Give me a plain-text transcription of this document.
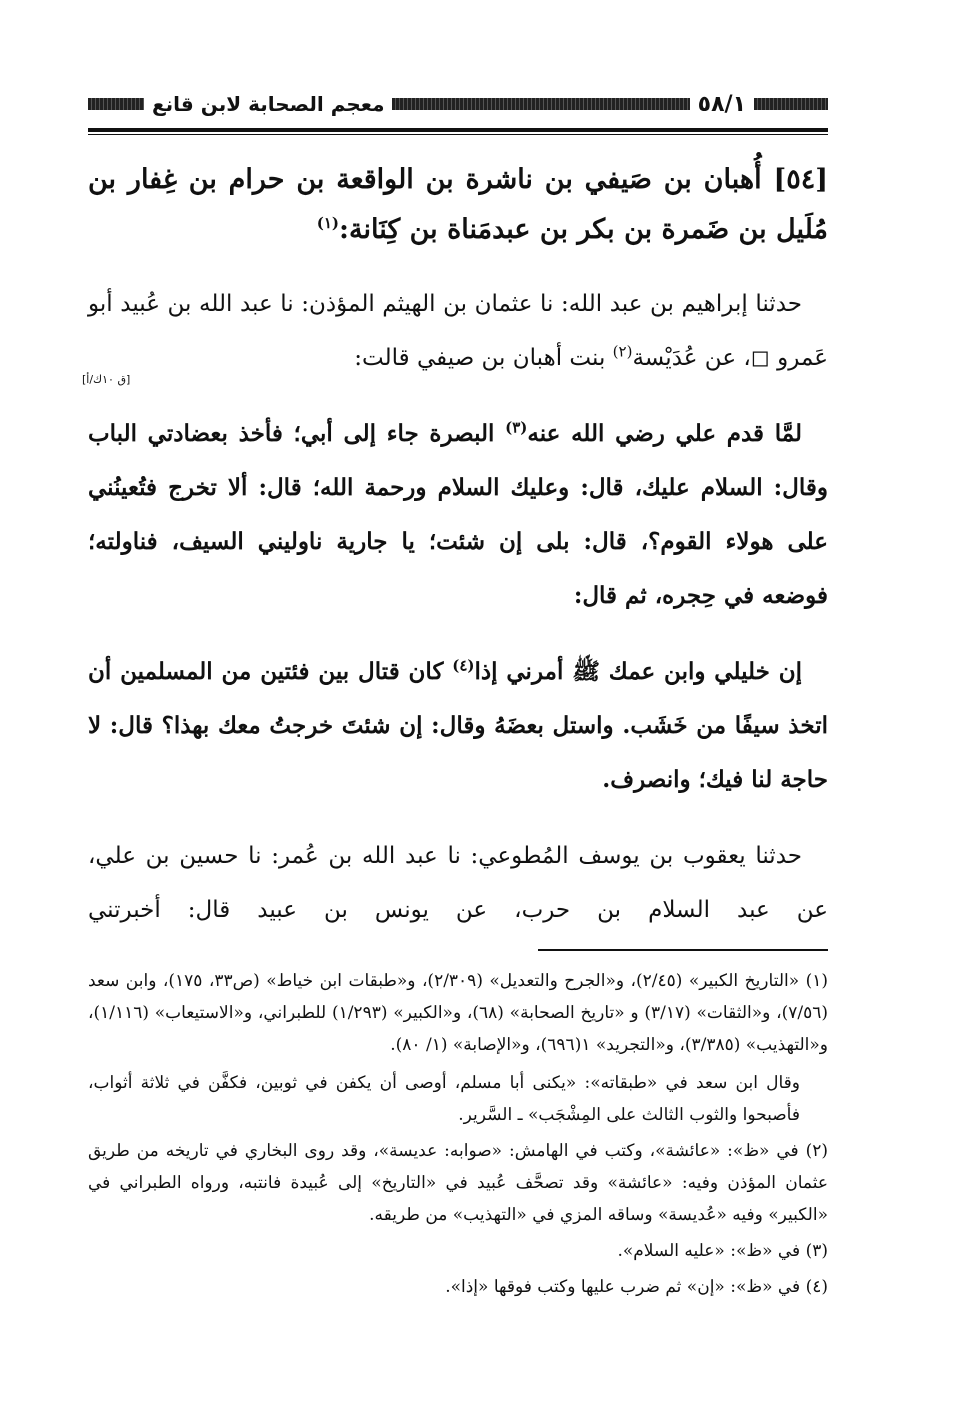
معجم الصحابة لابن قانع	٥٨/١
[٥٤] أُهبان بن صَيفي بن ناشرة بن الواقعة بن حرام بن غِفار بن مُلَيل بن ضَمرة بن بكر بن عبدمَناة بن كِنَانة:$^{(١)}$
[ق ١٠ك/أ]
حدثنا إبراهيم بن عبد الله: نا عثمان بن الهيثم المؤذن: نا عبد الله بن عُبيد أبو عَمرو ◻، عن عُدَيْسة$^{(٢)}$ بنت أهبان بن صيفي قالت:
لمَّا قدم علي رضي الله عنه$^{(٣)}$ البصرة جاء إلى أبي؛ فأخذ بعضادتي الباب وقال: السلام عليك، قال: وعليك السلام ورحمة الله؛ قال: ألا تخرج فتُعينُني على هولاء القوم؟، قال: بلى إن شئت؛ يا جارية ناوليني السيف، فناولته؛ فوضعه في حِجره، ثم قال:
إن خليلي وابن عمك ﷺ أمرني إذا$^{(٤)}$ كان قتال بين فئتين من المسلمين أن اتخذ سيفًا من خَشَب. واستل بعضَهُ وقال: إن شئتَ خرجتُ معك بهذا؟ قال: لا حاجة لنا فيك؛ وانصرف.
حدثنا يعقوب بن يوسف المُطوعي: نا عبد الله بن عُمر: نا حسين بن علي، عن عبد السلام بن حرب، عن يونس بن عبيد قال: أخبرتني

(١) «التاريخ الكبير» (٢/٤٥)، و«الجرح والتعديل» (٢/٣٠٩)، و«طبقات ابن خياط» (ص٣٣، ١٧٥)، وابن سعد (٧/٥٦)، و«الثقات» (٣/١٧) و «تاريخ الصحابة» (٦٨)، و«الكبير» (١/٢٩٣) للطبراني، و«الاستيعاب» (١/١١٦)، و«التهذيب» (٣/٣٨٥)، و«التجريد» ١(٦٩٦)، و«الإصابة» (١/ ٨٠).

وقال ابن سعد في «طبقاته»: «يكنى أبا مسلم، أوصى أن يكفن في ثوبين، فكفَّن في ثلاثة أثواب، فأصبحوا والثوب الثالث على المِشْجَب» ـ السَّرير.

(٢) في «ظ»: «عائشة»، وكتب في الهامش: «صوابه: عديسة»، وقد روى البخاري في تاريخه من طريق عثمان المؤذن وفيه: «عائشة» وقد تصحَّف عُبيد في «التاريخ» إلى عُبيدة فانتبه، ورواه الطبراني في «الكبير» وفيه «عُديسة» وساقه المزي في «التهذيب» من طريقه.

(٣) في «ظ»: «عليه السلام».

(٤) في «ظ»: «إن» ثم ضرب عليها وكتب فوقها «إذا».
